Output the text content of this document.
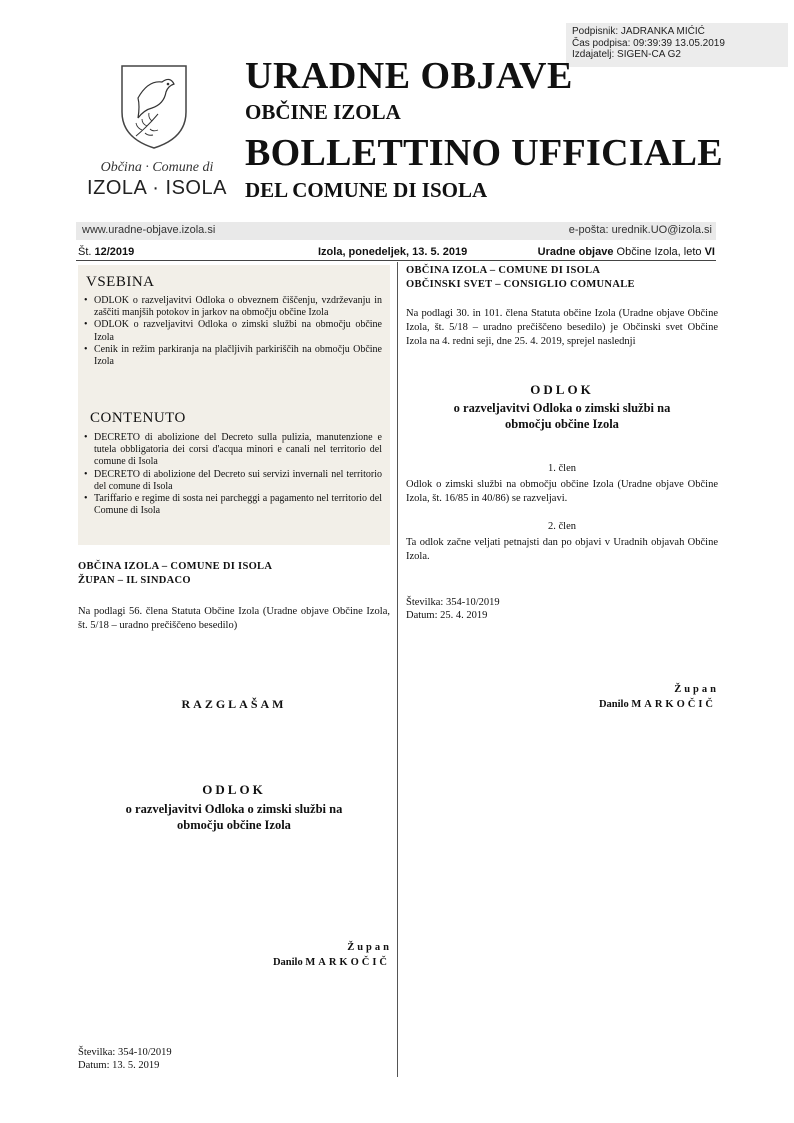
Podpisnik: JADRANKA MIĆIĆ
Čas podpisa: 09:39:39 13.05.2019
Izdajatelj: SIGEN-CA G2
Občina · Comune di
IZOLA · ISOLA
URADNE OBJAVE
OBČINE IZOLA
BOLLETTINO UFFICIALE
DEL COMUNE DI ISOLA
www.uradne-objave.izola.si	e-pošta: urednik.UO@izola.si
Št. 12/2019	Izola, ponedeljek, 13. 5. 2019	Uradne objave Občine Izola, leto VI
VSEBINA
• ODLOK o razveljavitvi Odloka o obveznem čiščenju, vzdrževanju in zaščiti manjših potokov in jarkov na območju občine Izola
• ODLOK o razveljavitvi Odloka o zimski službi na območju občine Izola
• Cenik in režim parkiranja na plačljivih parkiriščih na območju Občine Izola
CONTENUTO
• DECRETO di abolizione del Decreto sulla pulizia, manutenzione e tutela obbligatoria dei corsi d'acqua minori e canali nel territorio del comune di Isola
• DECRETO di abolizione del Decreto sui servizi invernali nel territorio del comune di Isola
• Tariffario e regime di sosta nei parcheggi a pagamento nel territorio del Comune di Isola
OBČINA IZOLA – COMUNE DI ISOLA
ŽUPAN – IL SINDACO
Na podlagi 56. člena Statuta Občine Izola (Uradne objave Občine Izola, št. 5/18 – uradno prečiščeno besedilo)
RAZGLAŠAM
ODLOK
o razveljavitvi Odloka o zimski službi na
območju občine Izola
Župan
Danilo MARKOČIČ
Številka: 354-10/2019
Datum: 13. 5. 2019
OBČINA IZOLA – COMUNE DI ISOLA
OBČINSKI SVET – CONSIGLIO COMUNALE
Na podlagi 30. in 101. člena Statuta občine Izola (Uradne objave Občine Izola, št. 5/18 – uradno prečiščeno besedilo) je Občinski svet Občine Izola na 4. redni seji, dne 25. 4. 2019, sprejel naslednji
ODLOK
o razveljavitvi Odloka o zimski službi na
območju občine Izola
1. člen
Odlok o zimski službi na območju občine Izola (Uradne objave Občine Izola, št. 16/85 in 40/86) se razveljavi.
2. člen
Ta odlok začne veljati petnajsti dan po objavi v Uradnih objavah Občine Izola.
Številka: 354-10/2019
Datum: 25. 4. 2019
Župan
Danilo MARKOČIČ
